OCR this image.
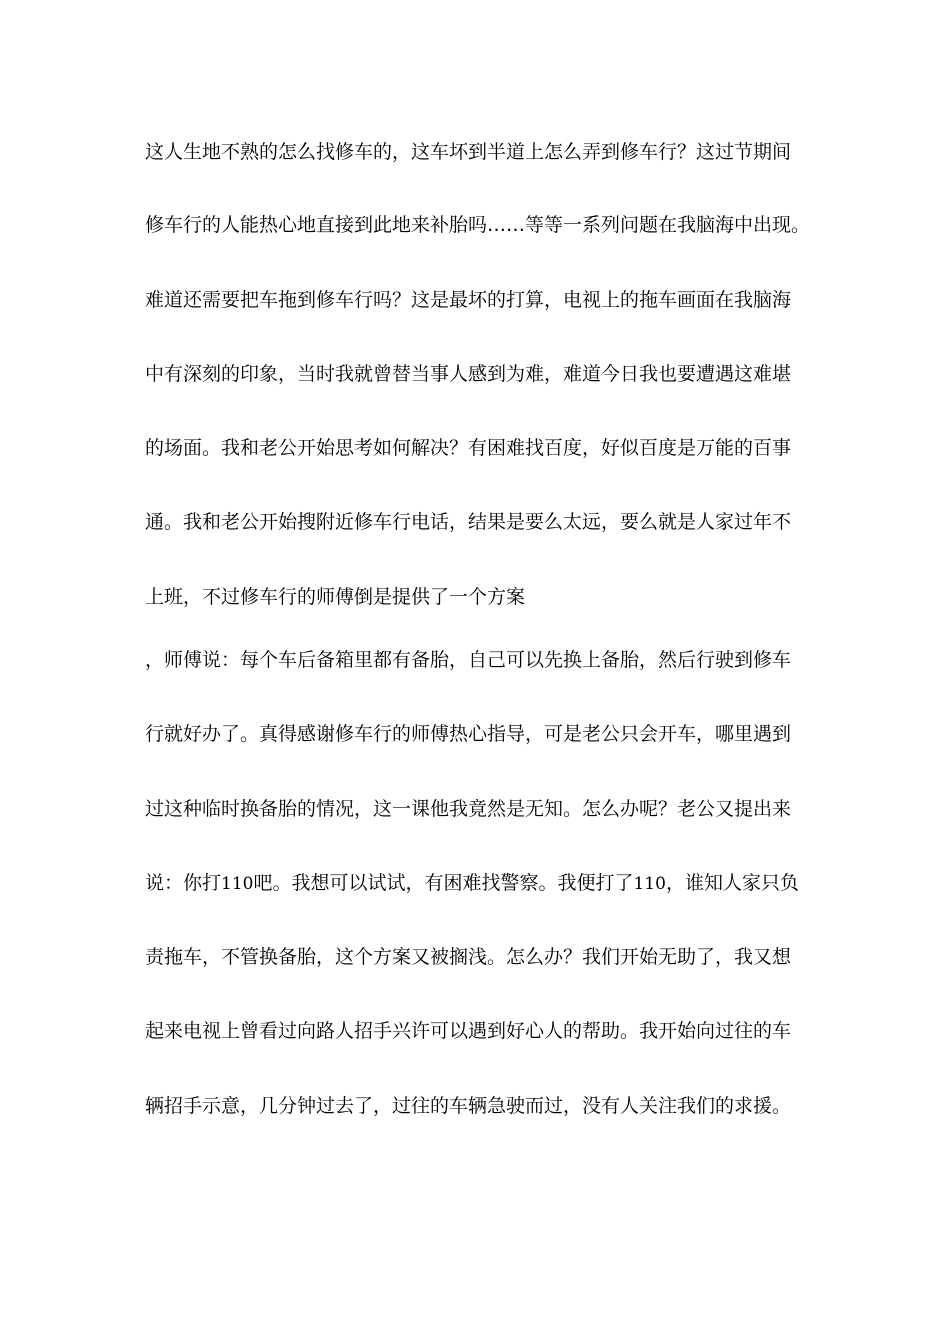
这人生地不熟的怎么找修车的，这车坏到半道上怎么弄到修车行？这过节期间
修车行的人能热心地直接到此地来补胎吗……等等一系列问题在我脑海中出现。
难道还需要把车拖到修车行吗？这是最坏的打算，电视上的拖车画面在我脑海
中有深刻的印象，当时我就曾替当事人感到为难，难道今日我也要遭遇这难堪
的场面。我和老公开始思考如何解决？有困难找百度，好似百度是万能的百事
通。我和老公开始搜附近修车行电话，结果是要么太远，要么就是人家过年不
上班，不过修车行的师傅倒是提供了一个方案
，师傅说：每个车后备箱里都有备胎，自己可以先换上备胎，然后行驶到修车
行就好办了。真得感谢修车行的师傅热心指导，可是老公只会开车，哪里遇到
过这种临时换备胎的情况，这一课他我竟然是无知。怎么办呢？老公又提出来
说：你打110吧。我想可以试试，有困难找警察。我便打了110，谁知人家只负
责拖车，不管换备胎，这个方案又被搁浅。怎么办？我们开始无助了，我又想
起来电视上曾看过向路人招手兴许可以遇到好心人的帮助。我开始向过往的车
辆招手示意，几分钟过去了，过往的车辆急驶而过，没有人关注我们的求援。
